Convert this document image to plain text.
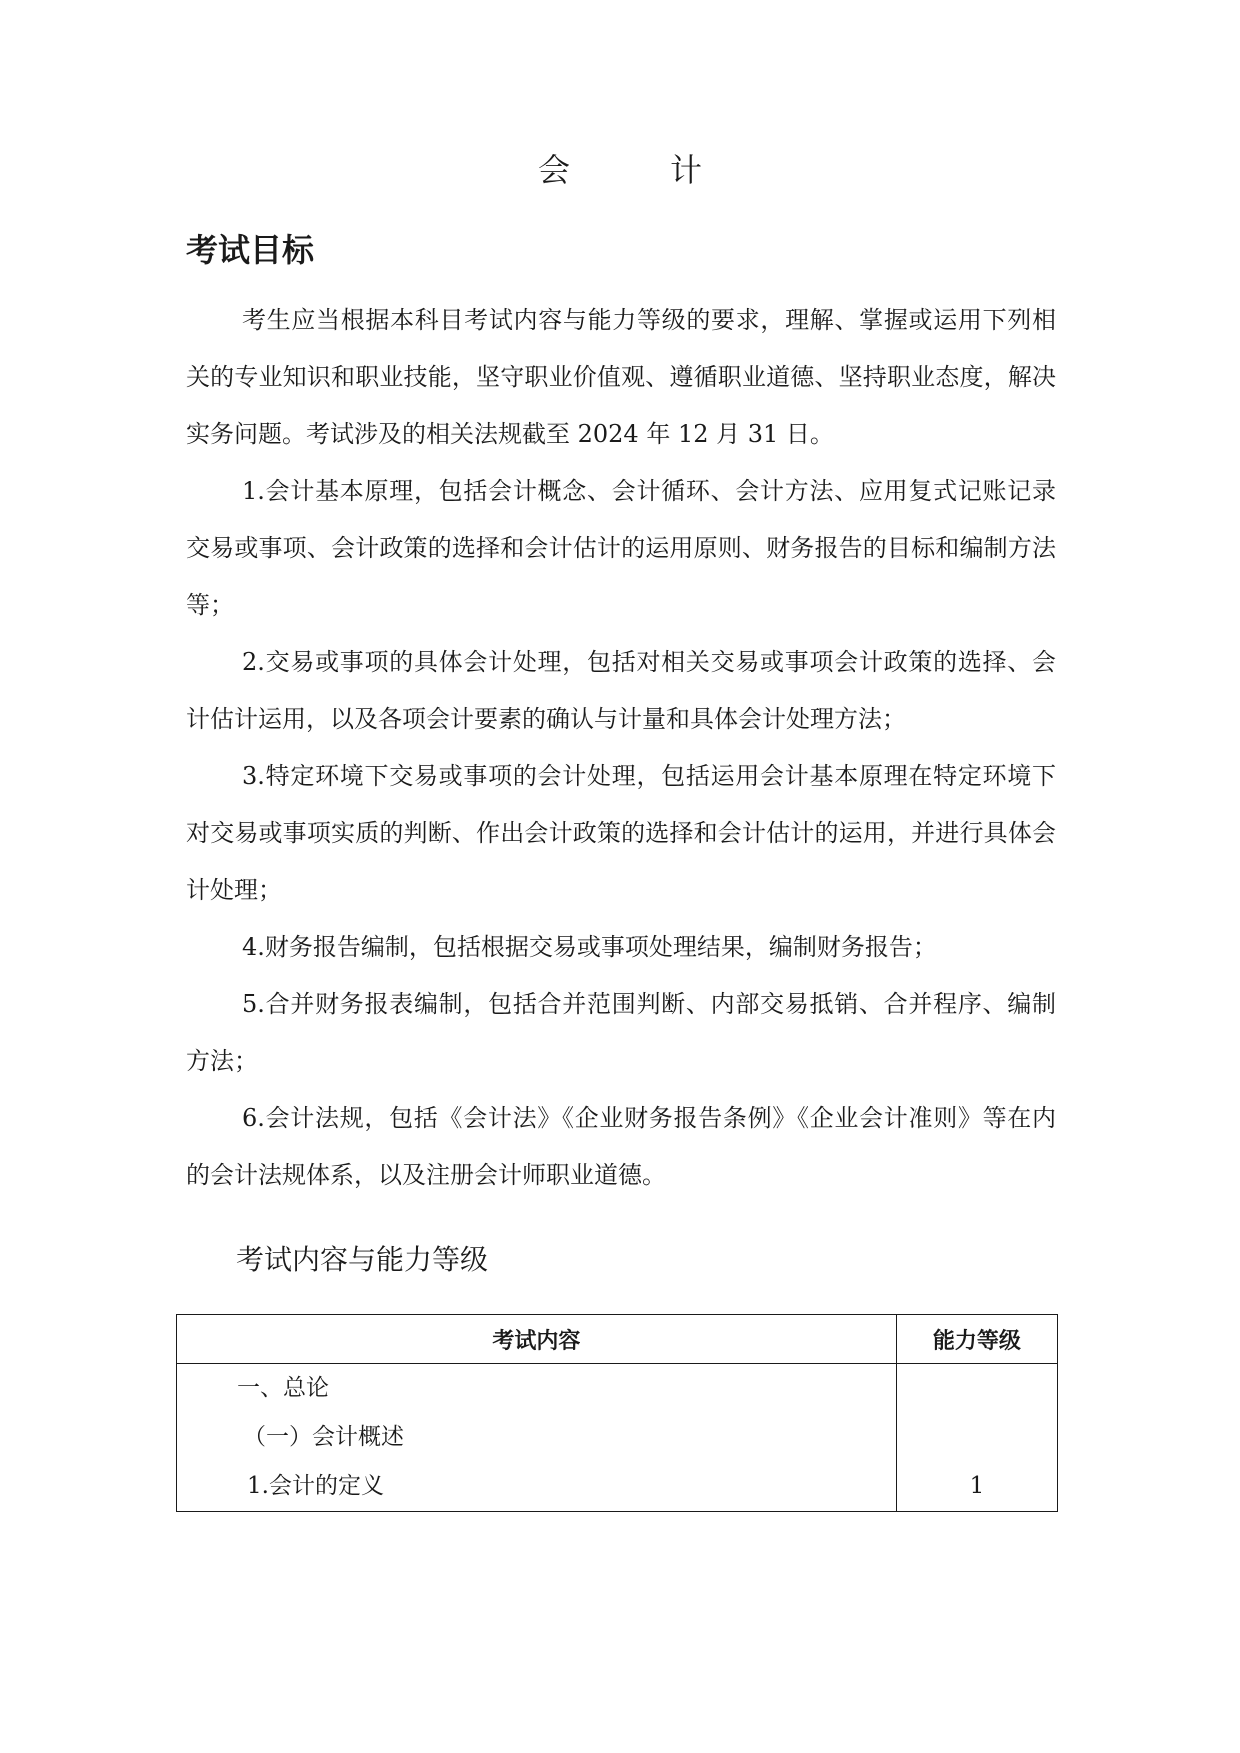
会　计
考试目标

考生应当根据本科目考试内容与能力等级的要求，理解、掌握或运用下列相关的专业知识和职业技能，坚守职业价值观、遵循职业道德、坚持职业态度，解决实务问题。考试涉及的相关法规截至 2024 年 12 月 31 日。

1.会计基本原理，包括会计概念、会计循环、会计方法、应用复式记账记录交易或事项、会计政策的选择和会计估计的运用原则、财务报告的目标和编制方法等；

2.交易或事项的具体会计处理，包括对相关交易或事项会计政策的选择、会计估计运用，以及各项会计要素的确认与计量和具体会计处理方法；

3.特定环境下交易或事项的会计处理，包括运用会计基本原理在特定环境下对交易或事项实质的判断、作出会计政策的选择和会计估计的运用，并进行具体会计处理；

4.财务报告编制，包括根据交易或事项处理结果，编制财务报告；

5.合并财务报表编制，包括合并范围判断、内部交易抵销、合并程序、编制方法；

6.会计法规，包括《会计法》《企业财务报告条例》《企业会计准则》等在内的会计法规体系，以及注册会计师职业道德。

考试内容与能力等级
考试内容	能力等级

一、总论
（一）会计概述
1.会计的定义	1
